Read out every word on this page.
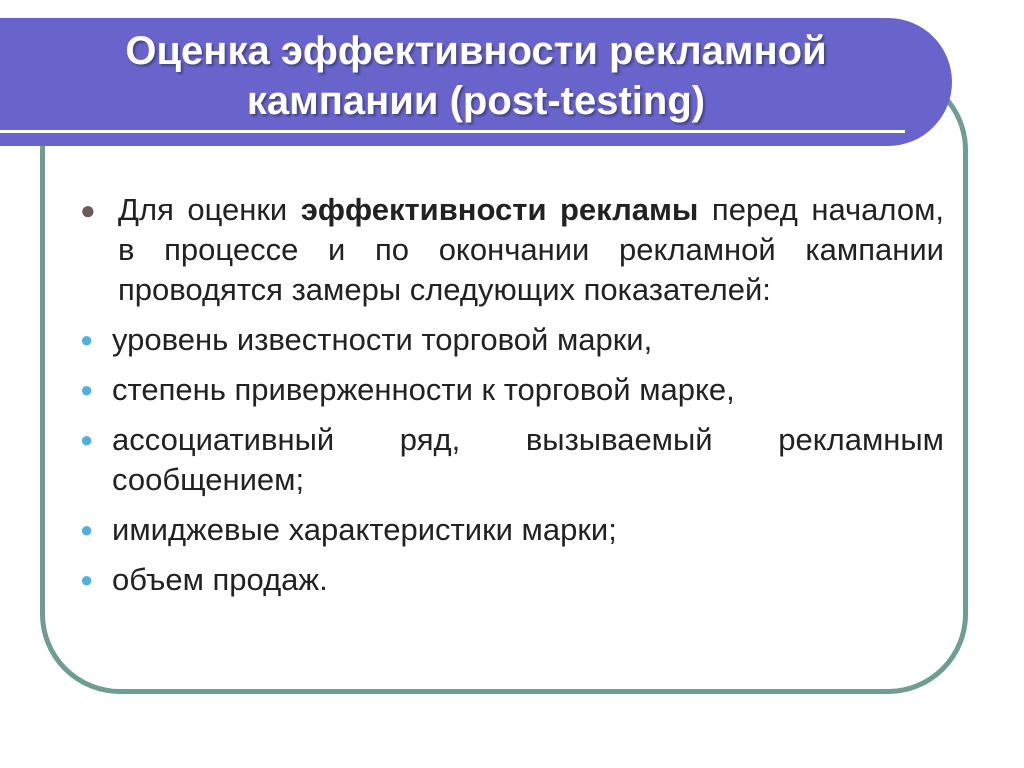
Оценка эффективности рекламной
кампании (post-testing)
● Для оценки эффективности рекламы перед началом, в процессе и по окончании рекламной кампании проводятся замеры следующих показателей:
● уровень известности торговой марки,
● степень приверженности к торговой марке,
● ассоциативный ряд, вызываемый рекламным сообщением;
● имиджевые характеристики марки;
● объем продаж.
